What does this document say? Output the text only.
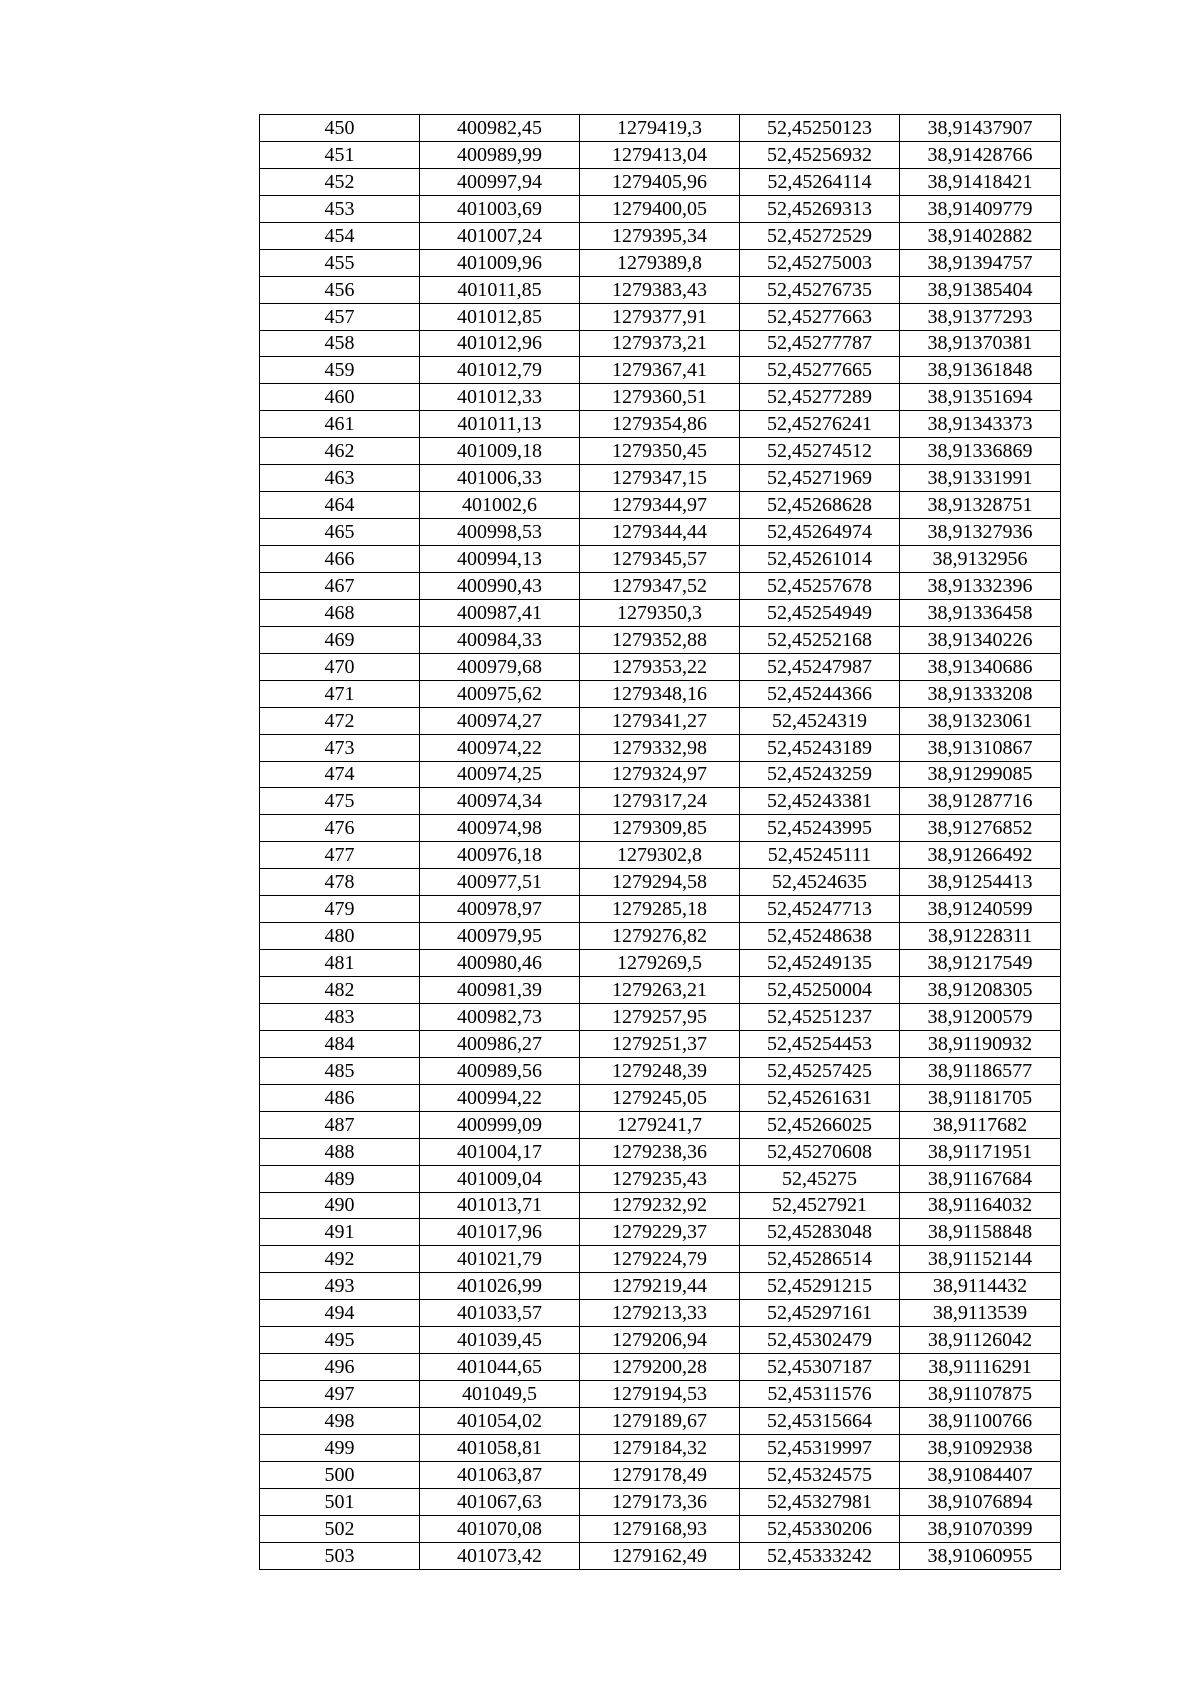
450	400982,45	1279419,3	52,45250123	38,91437907
451	400989,99	1279413,04	52,45256932	38,91428766
452	400997,94	1279405,96	52,45264114	38,91418421
453	401003,69	1279400,05	52,45269313	38,91409779
454	401007,24	1279395,34	52,45272529	38,91402882
455	401009,96	1279389,8	52,45275003	38,91394757
456	401011,85	1279383,43	52,45276735	38,91385404
457	401012,85	1279377,91	52,45277663	38,91377293
458	401012,96	1279373,21	52,45277787	38,91370381
459	401012,79	1279367,41	52,45277665	38,91361848
460	401012,33	1279360,51	52,45277289	38,91351694
461	401011,13	1279354,86	52,45276241	38,91343373
462	401009,18	1279350,45	52,45274512	38,91336869
463	401006,33	1279347,15	52,45271969	38,91331991
464	401002,6	1279344,97	52,45268628	38,91328751
465	400998,53	1279344,44	52,45264974	38,91327936
466	400994,13	1279345,57	52,45261014	38,9132956
467	400990,43	1279347,52	52,45257678	38,91332396
468	400987,41	1279350,3	52,45254949	38,91336458
469	400984,33	1279352,88	52,45252168	38,91340226
470	400979,68	1279353,22	52,45247987	38,91340686
471	400975,62	1279348,16	52,45244366	38,91333208
472	400974,27	1279341,27	52,4524319	38,91323061
473	400974,22	1279332,98	52,45243189	38,91310867
474	400974,25	1279324,97	52,45243259	38,91299085
475	400974,34	1279317,24	52,45243381	38,91287716
476	400974,98	1279309,85	52,45243995	38,91276852
477	400976,18	1279302,8	52,45245111	38,91266492
478	400977,51	1279294,58	52,4524635	38,91254413
479	400978,97	1279285,18	52,45247713	38,91240599
480	400979,95	1279276,82	52,45248638	38,91228311
481	400980,46	1279269,5	52,45249135	38,91217549
482	400981,39	1279263,21	52,45250004	38,91208305
483	400982,73	1279257,95	52,45251237	38,91200579
484	400986,27	1279251,37	52,45254453	38,91190932
485	400989,56	1279248,39	52,45257425	38,91186577
486	400994,22	1279245,05	52,45261631	38,91181705
487	400999,09	1279241,7	52,45266025	38,9117682
488	401004,17	1279238,36	52,45270608	38,91171951
489	401009,04	1279235,43	52,45275	38,91167684
490	401013,71	1279232,92	52,4527921	38,91164032
491	401017,96	1279229,37	52,45283048	38,91158848
492	401021,79	1279224,79	52,45286514	38,91152144
493	401026,99	1279219,44	52,45291215	38,9114432
494	401033,57	1279213,33	52,45297161	38,9113539
495	401039,45	1279206,94	52,45302479	38,91126042
496	401044,65	1279200,28	52,45307187	38,91116291
497	401049,5	1279194,53	52,45311576	38,91107875
498	401054,02	1279189,67	52,45315664	38,91100766
499	401058,81	1279184,32	52,45319997	38,91092938
500	401063,87	1279178,49	52,45324575	38,91084407
501	401067,63	1279173,36	52,45327981	38,91076894
502	401070,08	1279168,93	52,45330206	38,91070399
503	401073,42	1279162,49	52,45333242	38,91060955
